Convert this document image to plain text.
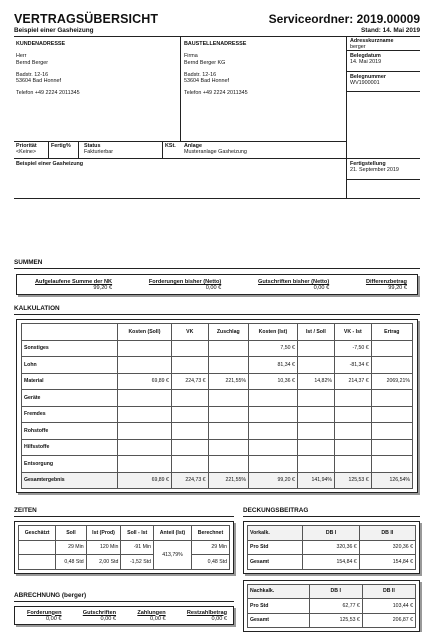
VERTRAGSÜBERSICHT
Beispiel einer Gasheizung
Serviceordner: 2019.00009
Stand: 14. Mai 2019
KUNDENADRESSE
Herr
Bernd Berger
Badstr. 12-16
53604 Bad Honnef
Telefon +49 2224 2011345
BAUSTELLENADRESSE
Firma
Bernd Berger KG
Badstr. 12-16
53604 Bad Honnef
Telefon +49 2224 2011345
Adresskurzname
berger
Belegdatum
14. Mai 2019
Belegnummer
WV1900001
Fertigstellung
21. September 2019
Priorität
<Keine>
Fertig% Status
Fakturierbar
KSt. Anlage
Musteranlage Gasheizung
Beispiel einer Gasheizung
SUMMEN
Aufgelaufene Summe der NK
99,20 €
Forderungen bisher (Netto)
0,00 €
Gutschriften bisher (Netto)
0,00 €
Differenzbetrag
99,20 €
KALKULATION
	Kosten (Soll)	VK	Zuschlag	Kosten (Ist)	Ist / Soll	VK - Ist	Ertrag
Sonstiges				7,50 €		-7,50 €	
Lohn				81,34 €		-81,34 €	
Material	69,89 €	224,73 €	221,55%	10,36 €	14,82%	214,37 €	2069,21%
Geräte							
Fremdes							
Rohstoffe							
Hilfsstoffe							
Entsorgung							
Gesamtergebnis	69,89 €	224,73 €	221,55%	99,20 €	141,94%	125,53 €	126,54%
ZEITEN
Geschätzt	Soll	Ist (Prod)	Soll - Ist	Anteil (Ist)	Berechnet
	29 Min	120 Min	-91 Min	413,79%	29 Min
	0,48 Std	2,00 Std	-1,52 Std		0,48 Std
ABRECHNUNG (berger)
Forderungen
0,00 €
Gutschriften
0,00 €
Zahlungen
0,00 €
Restzahlbetrag
0,00 €
DECKUNGSBEITRAG
Vorkalk.	DB I	DB II
Pro Std	320,36 €	320,36 €
Gesamt	154,84 €	154,84 €
Nachkalk.	DB I	DB II
Pro Std	62,77 €	103,44 €
Gesamt	125,53 €	206,87 €
